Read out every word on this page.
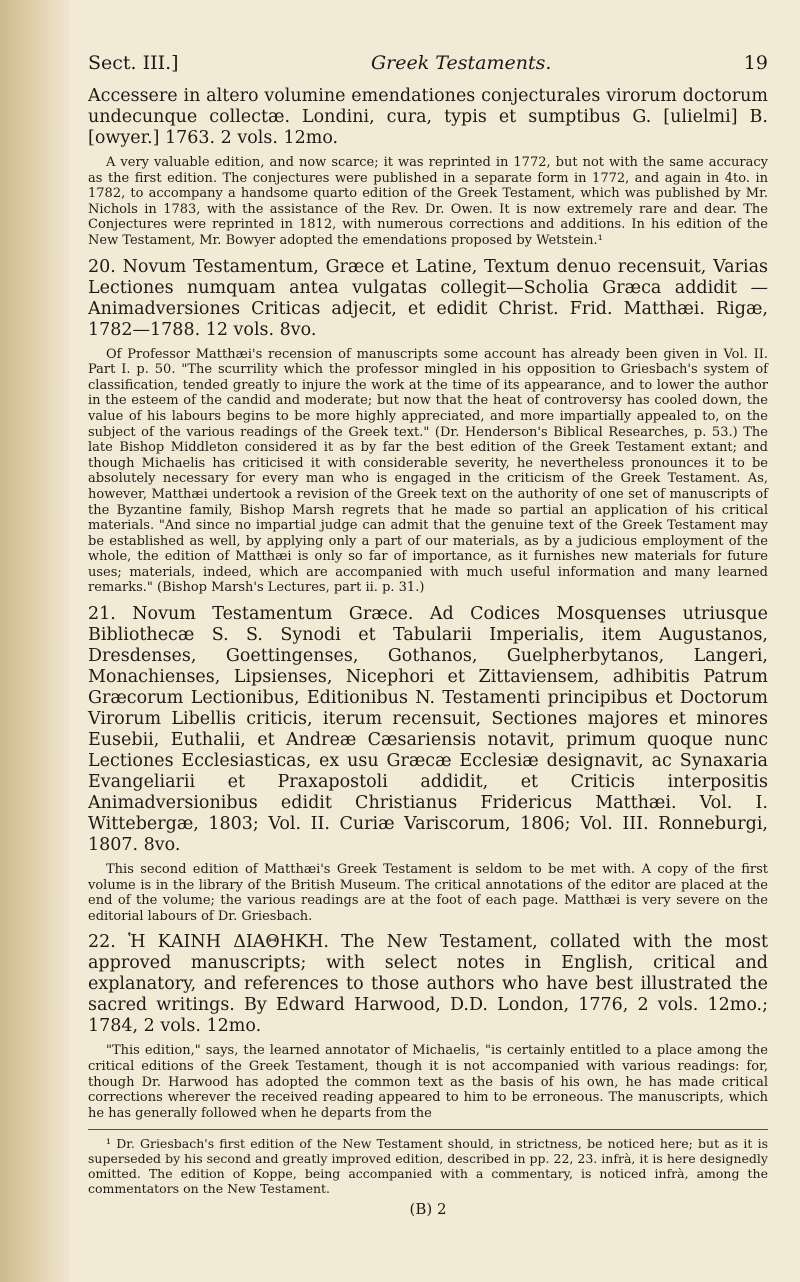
Sect. III.]	Greek Testaments.	19

Accessere in altero volumine emendationes conjecturales virorum doctorum undecunque collectæ. Londini, cura, typis et sumptibus G. [ulielmi] B. [owyer.] 1763. 2 vols. 12mo.

A very valuable edition, and now scarce; it was reprinted in 1772, but not with the same accuracy as the first edition. The conjectures were published in a separate form in 1772, and again in 4to. in 1782, to accompany a handsome quarto edition of the Greek Testament, which was published by Mr. Nichols in 1783, with the assistance of the Rev. Dr. Owen. It is now extremely rare and dear. The Conjectures were reprinted in 1812, with numerous corrections and additions. In his edition of the New Testament, Mr. Bowyer adopted the emendations proposed by Wetstein.¹

20. Novum Testamentum, Græce et Latine, Textum denuo recensuit, Varias Lectiones numquam antea vulgatas collegit—Scholia Græca addidit —Animadversiones Criticas adjecit, et edidit Christ. Frid. Matthæi. Rigæ, 1782—1788. 12 vols. 8vo.

Of Professor Matthæi's recension of manuscripts some account has already been given in Vol. II. Part I. p. 50. "The scurrility which the professor mingled in his opposition to Griesbach's system of classification, tended greatly to injure the work at the time of its appearance, and to lower the author in the esteem of the candid and moderate; but now that the heat of controversy has cooled down, the value of his labours begins to be more highly appreciated, and more impartially appealed to, on the subject of the various readings of the Greek text." (Dr. Henderson's Biblical Researches, p. 53.) The late Bishop Middleton considered it as by far the best edition of the Greek Testament extant; and though Michaelis has criticised it with considerable severity, he nevertheless pronounces it to be absolutely necessary for every man who is engaged in the criticism of the Greek Testament. As, however, Matthæi undertook a revision of the Greek text on the authority of one set of manuscripts of the Byzantine family, Bishop Marsh regrets that he made so partial an application of his critical materials. "And since no impartial judge can admit that the genuine text of the Greek Testament may be established as well, by applying only a part of our materials, as by a judicious employment of the whole, the edition of Matthæi is only so far of importance, as it furnishes new materials for future uses; materials, indeed, which are accompanied with much useful information and many learned remarks." (Bishop Marsh's Lectures, part ii. p. 31.)

21. Novum Testamentum Græce. Ad Codices Mosquenses utriusque Bibliothecæ S. S. Synodi et Tabularii Imperialis, item Augustanos, Dresdenses, Goettingenses, Gothanos, Guelpherbytanos, Langeri, Monachienses, Lipsienses, Nicephori et Zittaviensem, adhibitis Patrum Græcorum Lectionibus, Editionibus N. Testamenti principibus et Doctorum Virorum Libellis criticis, iterum recensuit, Sectiones majores et minores Eusebii, Euthalii, et Andreæ Cæsariensis notavit, primum quoque nunc Lectiones Ecclesiasticas, ex usu Græcæ Ecclesiæ designavit, ac Synaxaria Evangeliarii et Praxapostoli addidit, et Criticis interpositis Animadversionibus edidit Christianus Fridericus Matthæi. Vol. I. Wittebergæ, 1803; Vol. II. Curiæ Variscorum, 1806; Vol. III. Ronneburgi, 1807. 8vo.

This second edition of Matthæi's Greek Testament is seldom to be met with. A copy of the first volume is in the library of the British Museum. The critical annotations of the editor are placed at the end of the volume; the various readings are at the foot of each page. Matthæi is very severe on the editorial labours of Dr. Griesbach.

22. Ἡ ΚΑΙΝΗ ΔΙΑΘΗΚΗ. The New Testament, collated with the most approved manuscripts; with select notes in English, critical and explanatory, and references to those authors who have best illustrated the sacred writings. By Edward Harwood, D.D. London, 1776, 2 vols. 12mo.; 1784, 2 vols. 12mo.

"This edition," says, the learned annotator of Michaelis, "is certainly entitled to a place among the critical editions of the Greek Testament, though it is not accompanied with various readings: for, though Dr. Harwood has adopted the common text as the basis of his own, he has made critical corrections wherever the received reading appeared to him to be erroneous. The manuscripts, which he has generally followed when he departs from the

¹ Dr. Griesbach's first edition of the New Testament should, in strictness, be noticed here; but as it is superseded by his second and greatly improved edition, described in pp. 22, 23. infrà, it is here designedly omitted. The edition of Koppe, being accompanied with a commentary, is noticed infrà, among the commentators on the New Testament.

(B) 2
